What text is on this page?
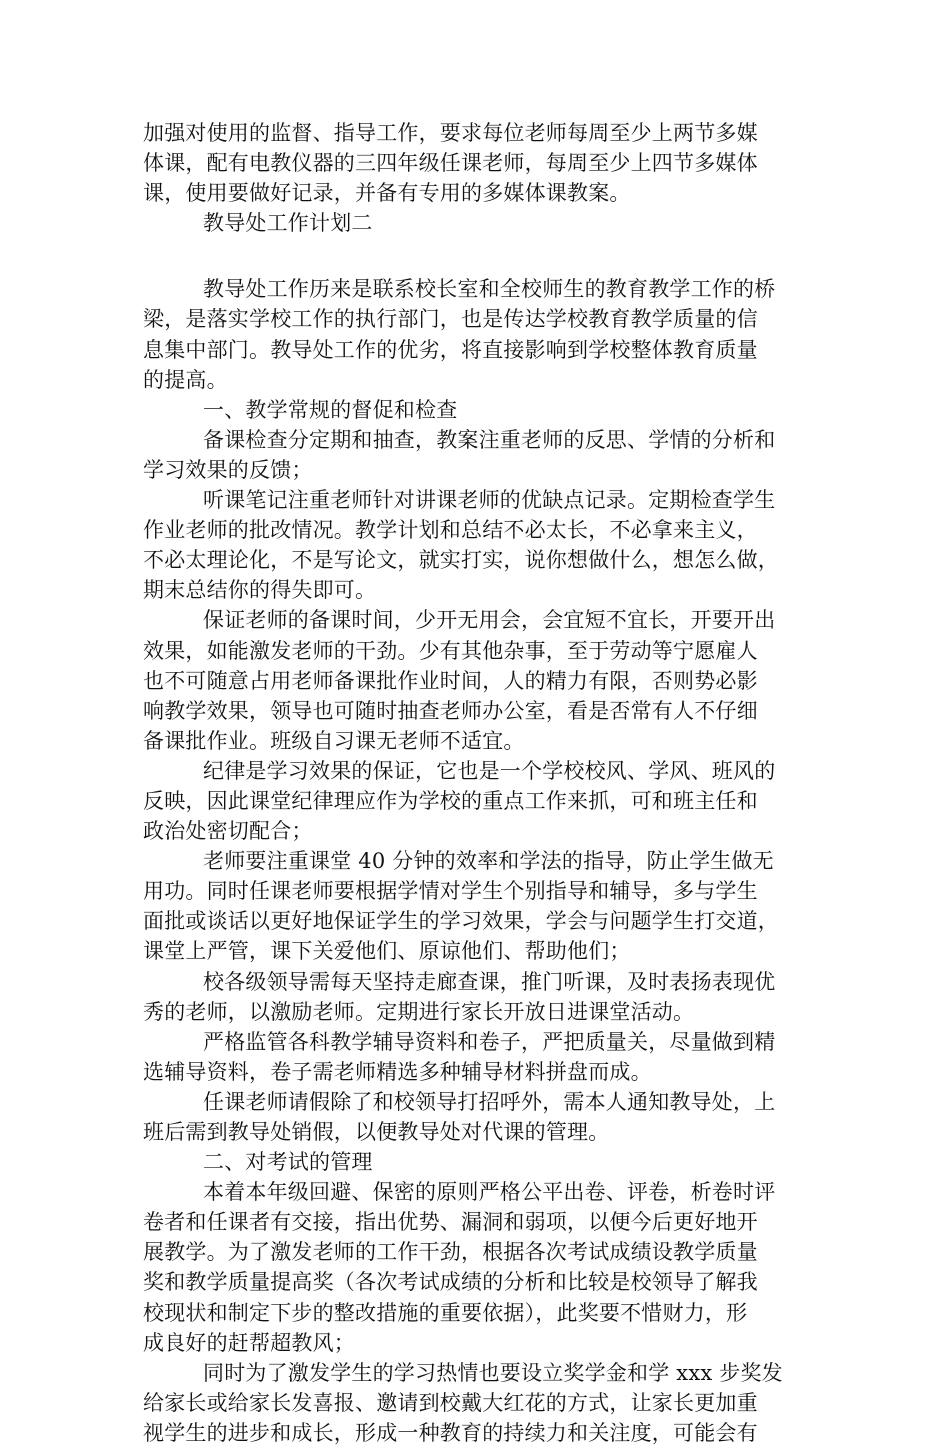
加强对使用的监督、指导工作，要求每位老师每周至少上两节多媒
体课，配有电教仪器的三四年级任课老师，每周至少上四节多媒体
课，使用要做好记录，并备有专用的多媒体课教案。
教导处工作计划二
教导处工作历来是联系校长室和全校师生的教育教学工作的桥
梁，是落实学校工作的执行部门，也是传达学校教育教学质量的信
息集中部门。教导处工作的优劣，将直接影响到学校整体教育质量
的提高。
一、教学常规的督促和检查
备课检查分定期和抽查，教案注重老师的反思、学情的分析和
学习效果的反馈；
听课笔记注重老师针对讲课老师的优缺点记录。定期检查学生
作业老师的批改情况。教学计划和总结不必太长，不必拿来主义，
不必太理论化，不是写论文，就实打实，说你想做什么，想怎么做，
期末总结你的得失即可。
保证老师的备课时间，少开无用会，会宜短不宜长，开要开出
效果，如能激发老师的干劲。少有其他杂事，至于劳动等宁愿雇人
也不可随意占用老师备课批作业时间，人的精力有限，否则势必影
响教学效果，领导也可随时抽查老师办公室，看是否常有人不仔细
备课批作业。班级自习课无老师不适宜。
纪律是学习效果的保证，它也是一个学校校风、学风、班风的
反映，因此课堂纪律理应作为学校的重点工作来抓，可和班主任和
政治处密切配合；
老师要注重课堂 40 分钟的效率和学法的指导，防止学生做无
用功。同时任课老师要根据学情对学生个别指导和辅导，多与学生
面批或谈话以更好地保证学生的学习效果，学会与问题学生打交道，
课堂上严管，课下关爱他们、原谅他们、帮助他们；
校各级领导需每天坚持走廊查课，推门听课，及时表扬表现优
秀的老师，以激励老师。定期进行家长开放日进课堂活动。
严格监管各科教学辅导资料和卷子，严把质量关，尽量做到精
选辅导资料，卷子需老师精选多种辅导材料拼盘而成。
任课老师请假除了和校领导打招呼外，需本人通知教导处，上
班后需到教导处销假，以便教导处对代课的管理。
二、对考试的管理
本着本年级回避、保密的原则严格公平出卷、评卷，析卷时评
卷者和任课者有交接，指出优势、漏洞和弱项，以便今后更好地开
展教学。为了激发老师的工作干劲，根据各次考试成绩设教学质量
奖和教学质量提高奖（各次考试成绩的分析和比较是校领导了解我
校现状和制定下步的整改措施的重要依据），此奖要不惜财力，形
成良好的赶帮超教风；
同时为了激发学生的学习热情也要设立奖学金和学 xxx 步奖发
给家长或给家长发喜报、邀请到校戴大红花的方式，让家长更加重
视学生的进步和成长，形成一种教育的持续力和关注度，可能会有
